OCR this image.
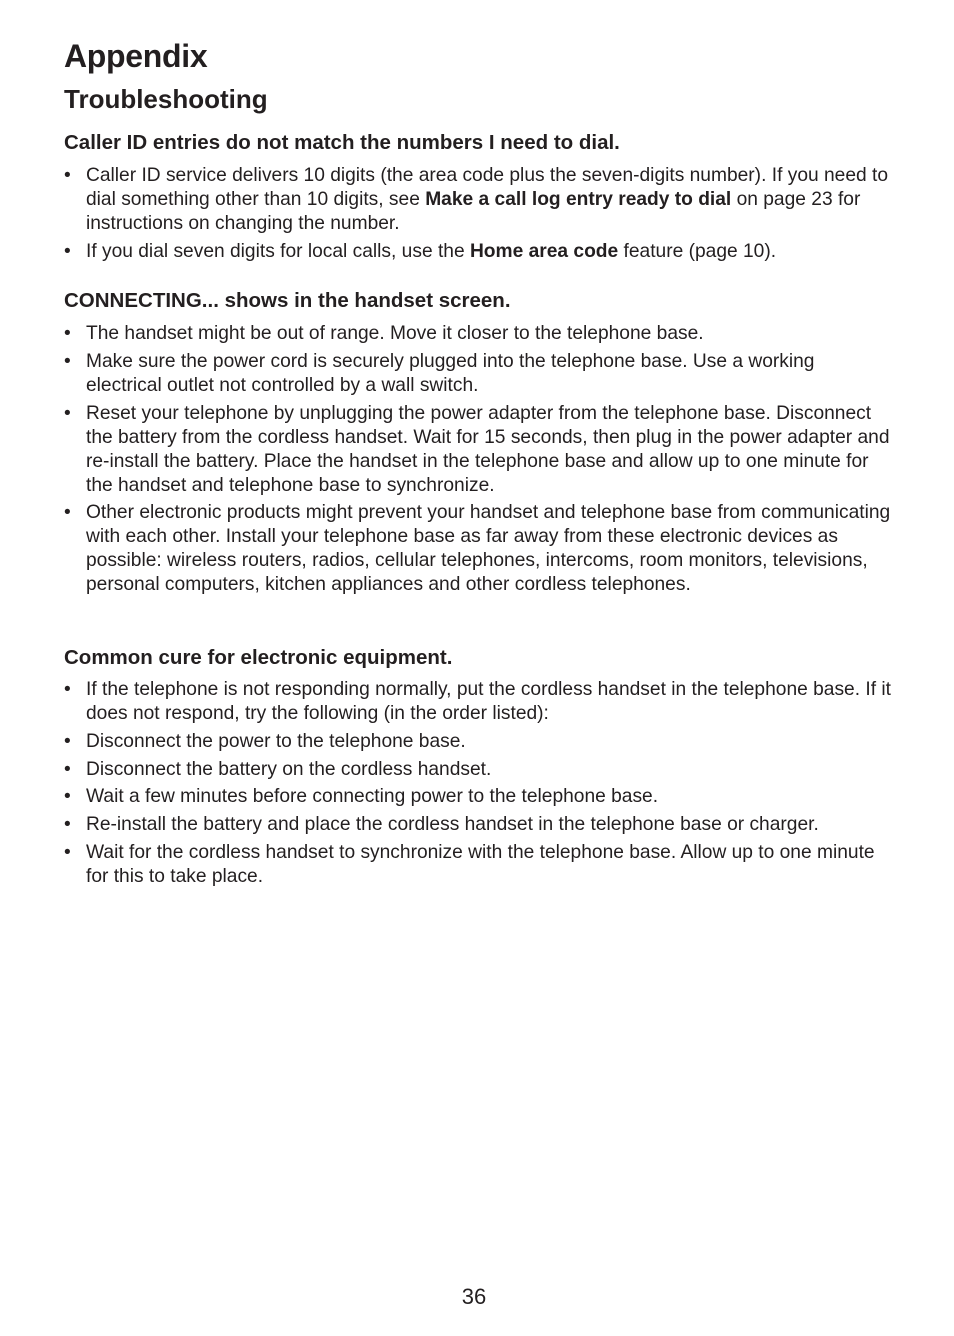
Appendix
Troubleshooting
Caller ID entries do not match the numbers I need to dial.
• Caller ID service delivers 10 digits (the area code plus the seven-digits number). If you need to dial something other than 10 digits, see Make a call log entry ready to dial on page 23 for instructions on changing the number.
• If you dial seven digits for local calls, use the Home area code feature (page 10).
CONNECTING... shows in the handset screen.
• The handset might be out of range. Move it closer to the telephone base.
• Make sure the power cord is securely plugged into the telephone base. Use a working electrical outlet not controlled by a wall switch.
• Reset your telephone by unplugging the power adapter from the telephone base. Disconnect the battery from the cordless handset. Wait for 15 seconds, then plug in the power adapter and re-install the battery. Place the handset in the telephone base and allow up to one minute for the handset and telephone base to synchronize.
• Other electronic products might prevent your handset and telephone base from communicating with each other. Install your telephone base as far away from these electronic devices as possible: wireless routers, radios, cellular telephones, intercoms, room monitors, televisions, personal computers, kitchen appliances and other cordless telephones.
Common cure for electronic equipment.
• If the telephone is not responding normally, put the cordless handset in the telephone base. If it does not respond, try the following (in the order listed):
• Disconnect the power to the telephone base.
• Disconnect the battery on the cordless handset.
• Wait a few minutes before connecting power to the telephone base.
• Re-install the battery and place the cordless handset in the telephone base or charger.
• Wait for the cordless handset to synchronize with the telephone base. Allow up to one minute for this to take place.
36
